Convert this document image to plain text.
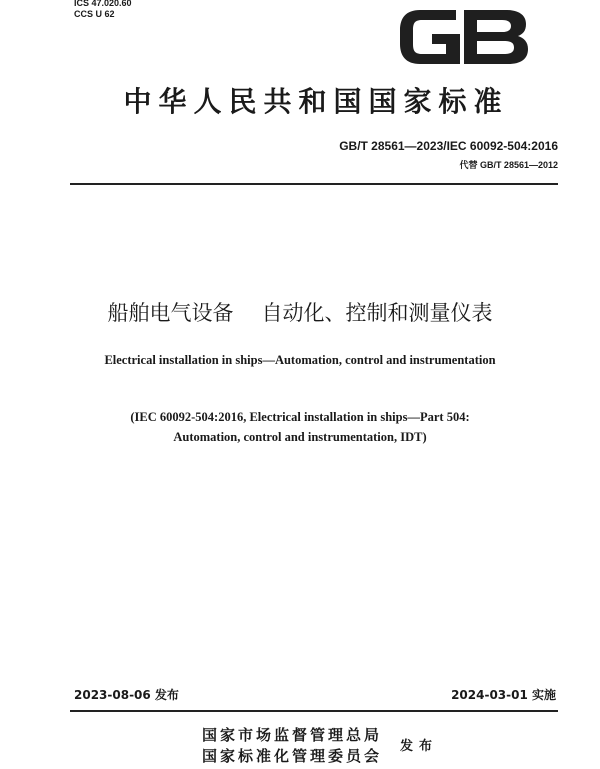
ICS 47.020.60
CCS U 62
中华人民共和国国家标准
GB/T 28561—2023/IEC 60092-504:2016
代替 GB/T 28561—2012
船舶电气设备 自动化、控制和测量仪表
Electrical installation in ships—Automation, control and instrumentation
(IEC 60092-504:2016, Electrical installation in ships—Part 504:
Automation, control and instrumentation, IDT)
2023-08-06 发布	2024-03-01 实施
国家市场监督管理总局
国家标准化管理委员会
发布
